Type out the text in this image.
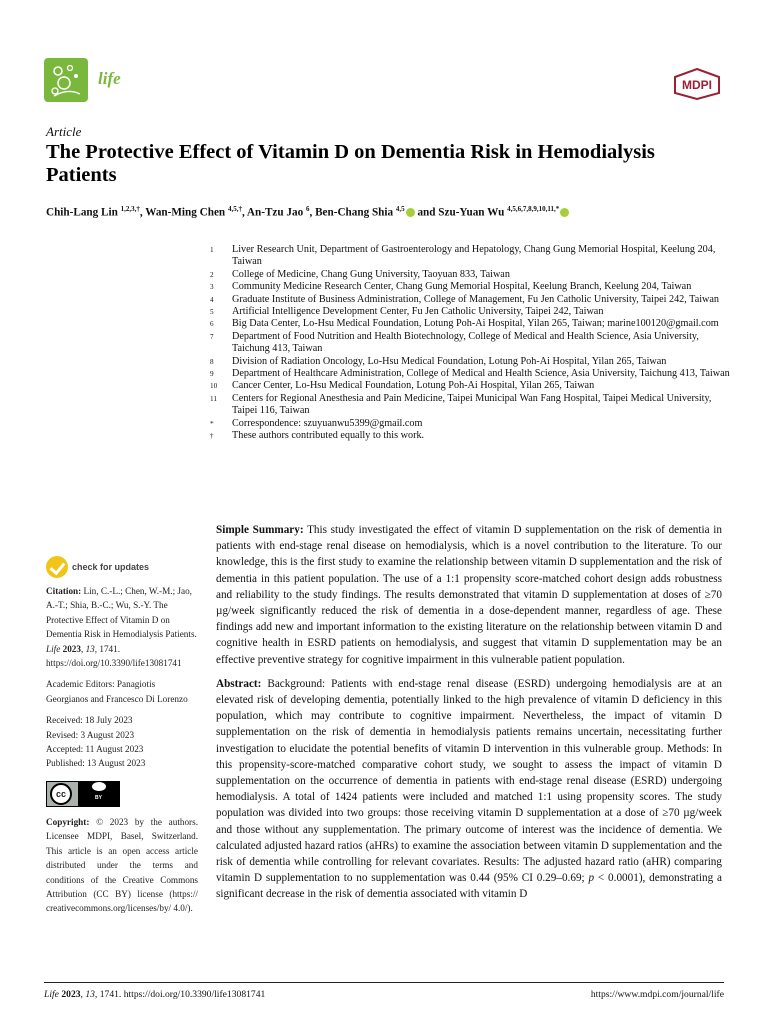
life	MDPI
Article
The Protective Effect of Vitamin D on Dementia Risk in Hemodialysis Patients
Chih-Lang Lin $^{1,2,3,\dagger}$, Wan-Ming Chen $^{4,5,\dagger}$, An-Tzu Jao $^6$, Ben-Chang Shia $^{4,5}$ and Szu-Yuan Wu $^{4,5,6,7,8,9,10,11,*}$
1	Liver Research Unit, Department of Gastroenterology and Hepatology, Chang Gung Memorial Hospital, Keelung 204, Taiwan
2	College of Medicine, Chang Gung University, Taoyuan 833, Taiwan
3	Community Medicine Research Center, Chang Gung Memorial Hospital, Keelung Branch, Keelung 204, Taiwan
4	Graduate Institute of Business Administration, College of Management, Fu Jen Catholic University, Taipei 242, Taiwan
5	Artificial Intelligence Development Center, Fu Jen Catholic University, Taipei 242, Taiwan
6	Big Data Center, Lo-Hsu Medical Foundation, Lotung Poh-Ai Hospital, Yilan 265, Taiwan; marine100120@gmail.com
7	Department of Food Nutrition and Health Biotechnology, College of Medical and Health Science, Asia University, Taichung 413, Taiwan
8	Division of Radiation Oncology, Lo-Hsu Medical Foundation, Lotung Poh-Ai Hospital, Yilan 265, Taiwan
9	Department of Healthcare Administration, College of Medical and Health Science, Asia University, Taichung 413, Taiwan
10	Cancer Center, Lo-Hsu Medical Foundation, Lotung Poh-Ai Hospital, Yilan 265, Taiwan
11	Centers for Regional Anesthesia and Pain Medicine, Taipei Municipal Wan Fang Hospital, Taipei Medical University, Taipei 116, Taiwan
*	Correspondence: szuyuanwu5399@gmail.com
†	These authors contributed equally to this work.
check for updates

Citation: Lin, C.-L.; Chen, W.-M.; Jao, A.-T.; Shia, B.-C.; Wu, S.-Y. The Protective Effect of Vitamin D on Dementia Risk in Hemodialysis Patients. Life 2023, 13, 1741. https://doi.org/10.3390/life13081741

Academic Editors: Panagiotis Georgianos and Francesco Di Lorenzo

Received: 18 July 2023
Revised: 3 August 2023
Accepted: 11 August 2023
Published: 13 August 2023
cc	BY
Copyright: © 2023 by the authors. Licensee MDPI, Basel, Switzerland. This article is an open access article distributed under the terms and conditions of the Creative Commons Attribution (CC BY) license (https:// creativecommons.org/licenses/by/ 4.0/).

Simple Summary: This study investigated the effect of vitamin D supplementation on the risk of dementia in patients with end-stage renal disease on hemodialysis, which is a novel contribution to the literature. To our knowledge, this is the first study to examine the relationship between vitamin D supplementation and the risk of dementia in this patient population. The use of a 1:1 propensity score-matched cohort design adds robustness and reliability to the study findings. The results demonstrated that vitamin D supplementation at doses of ≥70 µg/week significantly reduced the risk of dementia in a dose-dependent manner, regardless of age. These findings add new and important information to the existing literature on the relationship between vitamin D and cognitive health in ESRD patients on hemodialysis, and suggest that vitamin D supplementation may be an effective preventive strategy for cognitive impairment in this vulnerable patient population.

Abstract: Background: Patients with end-stage renal disease (ESRD) undergoing hemodialysis are at an elevated risk of developing dementia, potentially linked to the high prevalence of vitamin D deficiency in this population, which may contribute to cognitive impairment. Nevertheless, the impact of vitamin D supplementation on the risk of dementia in hemodialysis patients remains uncertain, necessitating further investigation to elucidate the potential benefits of vitamin D intervention in this vulnerable group. Methods: In this propensity-score-matched comparative cohort study, we sought to assess the impact of vitamin D supplementation on the occurrence of dementia in patients with end-stage renal disease (ESRD) undergoing hemodialysis. A total of 1424 patients were included and matched 1:1 using propensity scores. The study population was divided into two groups: those receiving vitamin D supplementation at a dose of ≥70 µg/week and those without any supplementation. The primary outcome of interest was the incidence of dementia. We calculated adjusted hazard ratios (aHRs) to examine the association between vitamin D supplementation and the risk of dementia while controlling for relevant covariates. Results: The adjusted hazard ratio (aHR) comparing vitamin D supplementation to no supplementation was 0.44 (95% CI 0.29–0.69; p < 0.0001), demonstrating a significant decrease in the risk of dementia associated with vitamin D

Life 2023, 13, 1741. https://doi.org/10.3390/life13081741	https://www.mdpi.com/journal/life
